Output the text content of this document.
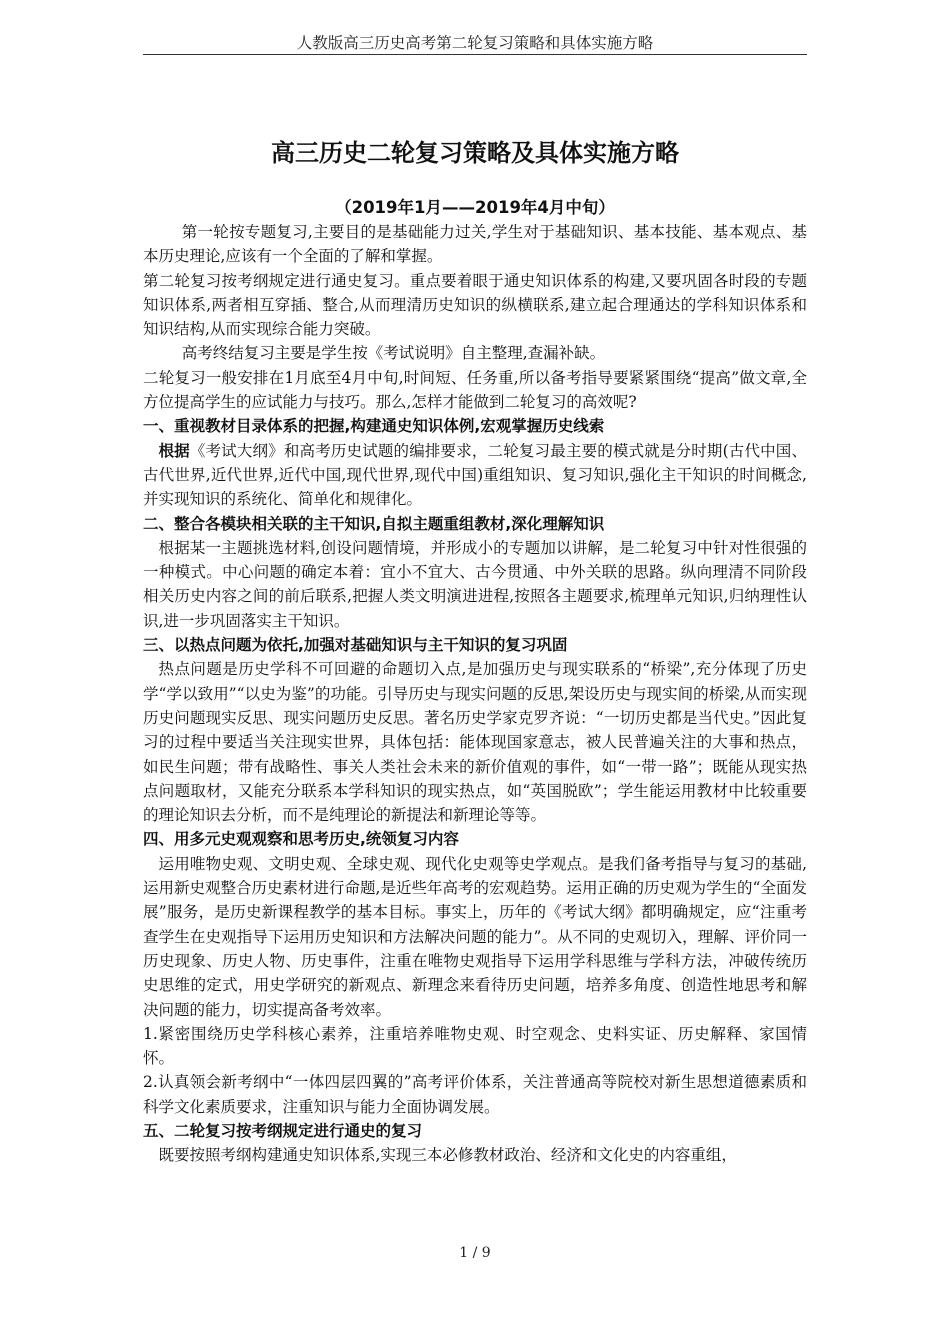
人教版高三历史高考第二轮复习策略和具体实施方略
高三历史二轮复习策略及具体实施方略
（2019年1月——2019年4月中旬）

第一轮按专题复习,主要目的是基础能力过关,学生对于基础知识、基本技能、基本观点、基本历史理论,应该有一个全面的了解和掌握。

第二轮复习按考纲规定进行通史复习。重点要着眼于通史知识体系的构建,又要巩固各时段的专题知识体系,两者相互穿插、整合,从而理清历史知识的纵横联系,建立起合理通达的学科知识体系和知识结构,从而实现综合能力突破。

高考终结复习主要是学生按《考试说明》自主整理,查漏补缺。

二轮复习一般安排在1月底至4月中旬,时间短、任务重,所以备考指导要紧紧围绕“提高”做文章,全方位提高学生的应试能力与技巧。那么,怎样才能做到二轮复习的高效呢?

一、重视教材目录体系的把握,构建通史知识体例,宏观掌握历史线索

根据《考试大纲》和高考历史试题的编排要求，二轮复习最主要的模式就是分时期(古代中国、古代世界,近代世界,近代中国,现代世界,现代中国)重组知识、复习知识,强化主干知识的时间概念,并实现知识的系统化、简单化和规律化。

二、整合各模块相关联的主干知识,自拟主题重组教材,深化理解知识

根据某一主题挑选材料,创设问题情境，并形成小的专题加以讲解，是二轮复习中针对性很强的一种模式。中心问题的确定本着：宜小不宜大、古今贯通、中外关联的思路。纵向理清不同阶段相关历史内容之间的前后联系,把握人类文明演进进程,按照各主题要求,梳理单元知识,归纳理性认识,进一步巩固落实主干知识。

三、以热点问题为依托,加强对基础知识与主干知识的复习巩固

热点问题是历史学科不可回避的命题切入点,是加强历史与现实联系的“桥梁”,充分体现了历史学“学以致用”“以史为鉴”的功能。引导历史与现实问题的反思,架设历史与现实间的桥梁,从而实现历史问题现实反思、现实问题历史反思。著名历史学家克罗齐说：“一切历史都是当代史。”因此复习的过程中要适当关注现实世界，具体包括：能体现国家意志，被人民普遍关注的大事和热点，如民生问题；带有战略性、事关人类社会未来的新价值观的事件，如“一带一路”；既能从现实热点问题取材，又能充分联系本学科知识的现实热点，如“英国脱欧”；学生能运用教材中比较重要的理论知识去分析，而不是纯理论的新提法和新理论等等。

四、用多元史观观察和思考历史,统领复习内容

运用唯物史观、文明史观、全球史观、现代化史观等史学观点。是我们备考指导与复习的基础,运用新史观整合历史素材进行命题,是近些年高考的宏观趋势。运用正确的历史观为学生的“全面发展”服务，是历史新课程教学的基本目标。事实上，历年的《考试大纲》都明确规定，应“注重考查学生在史观指导下运用历史知识和方法解决问题的能力”。从不同的史观切入，理解、评价同一历史现象、历史人物、历史事件，注重在唯物史观指导下运用学科思维与学科方法，冲破传统历史思维的定式，用史学研究的新观点、新理念来看待历史问题，培养多角度、创造性地思考和解决问题的能力，切实提高备考效率。

1.紧密围绕历史学科核心素养，注重培养唯物史观、时空观念、史料实证、历史解释、家国情怀。

2.认真领会新考纲中“一体四层四翼的”高考评价体系，关注普通高等院校对新生思想道德素质和科学文化素质要求，注重知识与能力全面协调发展。

五、二轮复习按考纲规定进行通史的复习

既要按照考纲构建通史知识体系,实现三本必修教材政治、经济和文化史的内容重组，

1 / 9
